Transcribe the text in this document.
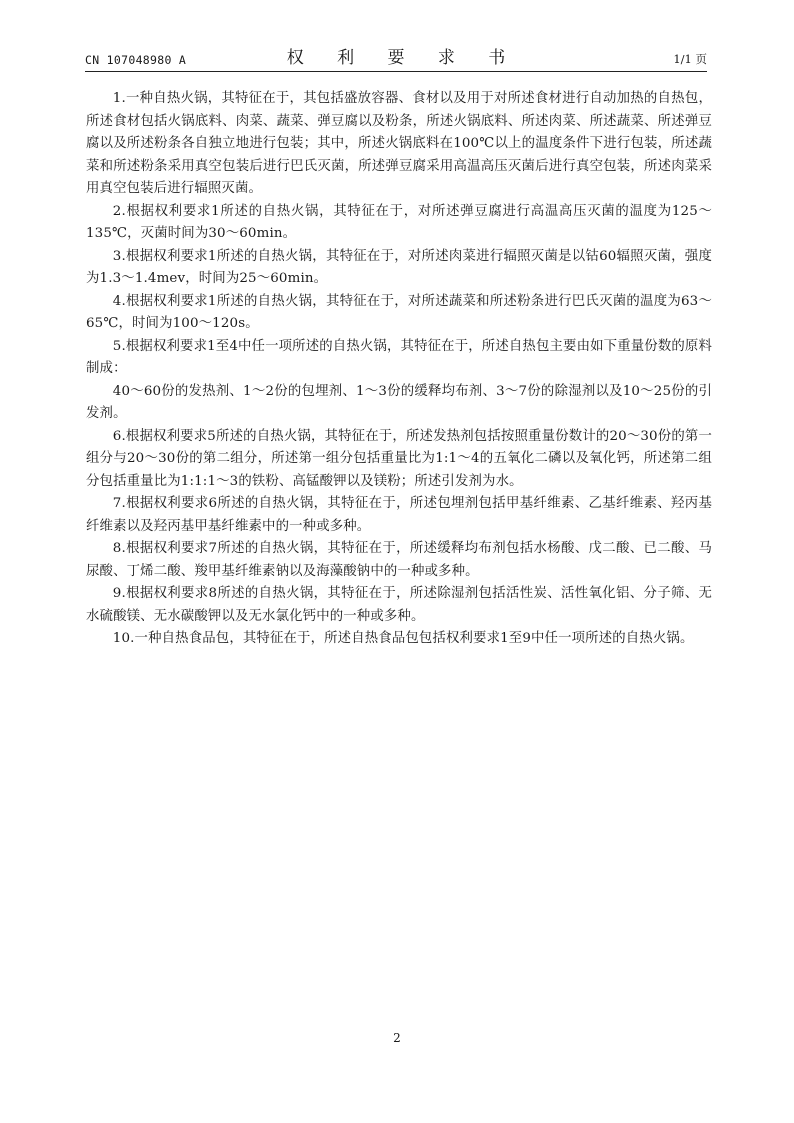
CN 107048980 A	权 利 要 求 书	1/1 页

1.一种自热火锅，其特征在于，其包括盛放容器、食材以及用于对所述食材进行自动加热的自热包，所述食材包括火锅底料、肉菜、蔬菜、弹豆腐以及粉条，所述火锅底料、所述肉菜、所述蔬菜、所述弹豆腐以及所述粉条各自独立地进行包装；其中，所述火锅底料在100℃以上的温度条件下进行包装，所述蔬菜和所述粉条采用真空包装后进行巴氏灭菌，所述弹豆腐采用高温高压灭菌后进行真空包装，所述肉菜采用真空包装后进行辐照灭菌。

2.根据权利要求1所述的自热火锅，其特征在于，对所述弹豆腐进行高温高压灭菌的温度为125～135℃，灭菌时间为30～60min。

3.根据权利要求1所述的自热火锅，其特征在于，对所述肉菜进行辐照灭菌是以钴60辐照灭菌，强度为1.3～1.4mev，时间为25～60min。

4.根据权利要求1所述的自热火锅，其特征在于，对所述蔬菜和所述粉条进行巴氏灭菌的温度为63～65℃，时间为100～120s。

5.根据权利要求1至4中任一项所述的自热火锅，其特征在于，所述自热包主要由如下重量份数的原料制成：

40～60份的发热剂、1～2份的包埋剂、1～3份的缓释均布剂、3～7份的除湿剂以及10～25份的引发剂。

6.根据权利要求5所述的自热火锅，其特征在于，所述发热剂包括按照重量份数计的20～30份的第一组分与20～30份的第二组分，所述第一组分包括重量比为1:1～4的五氧化二磷以及氧化钙，所述第二组分包括重量比为1:1:1～3的铁粉、高锰酸钾以及镁粉；所述引发剂为水。

7.根据权利要求6所述的自热火锅，其特征在于，所述包埋剂包括甲基纤维素、乙基纤维素、羟丙基纤维素以及羟丙基甲基纤维素中的一种或多种。

8.根据权利要求7所述的自热火锅，其特征在于，所述缓释均布剂包括水杨酸、戊二酸、已二酸、马尿酸、丁烯二酸、羧甲基纤维素钠以及海藻酸钠中的一种或多种。

9.根据权利要求8所述的自热火锅，其特征在于，所述除湿剂包括活性炭、活性氧化铝、分子筛、无水硫酸镁、无水碳酸钾以及无水氯化钙中的一种或多种。

10.一种自热食品包，其特征在于，所述自热食品包包括权利要求1至9中任一项所述的自热火锅。

2
